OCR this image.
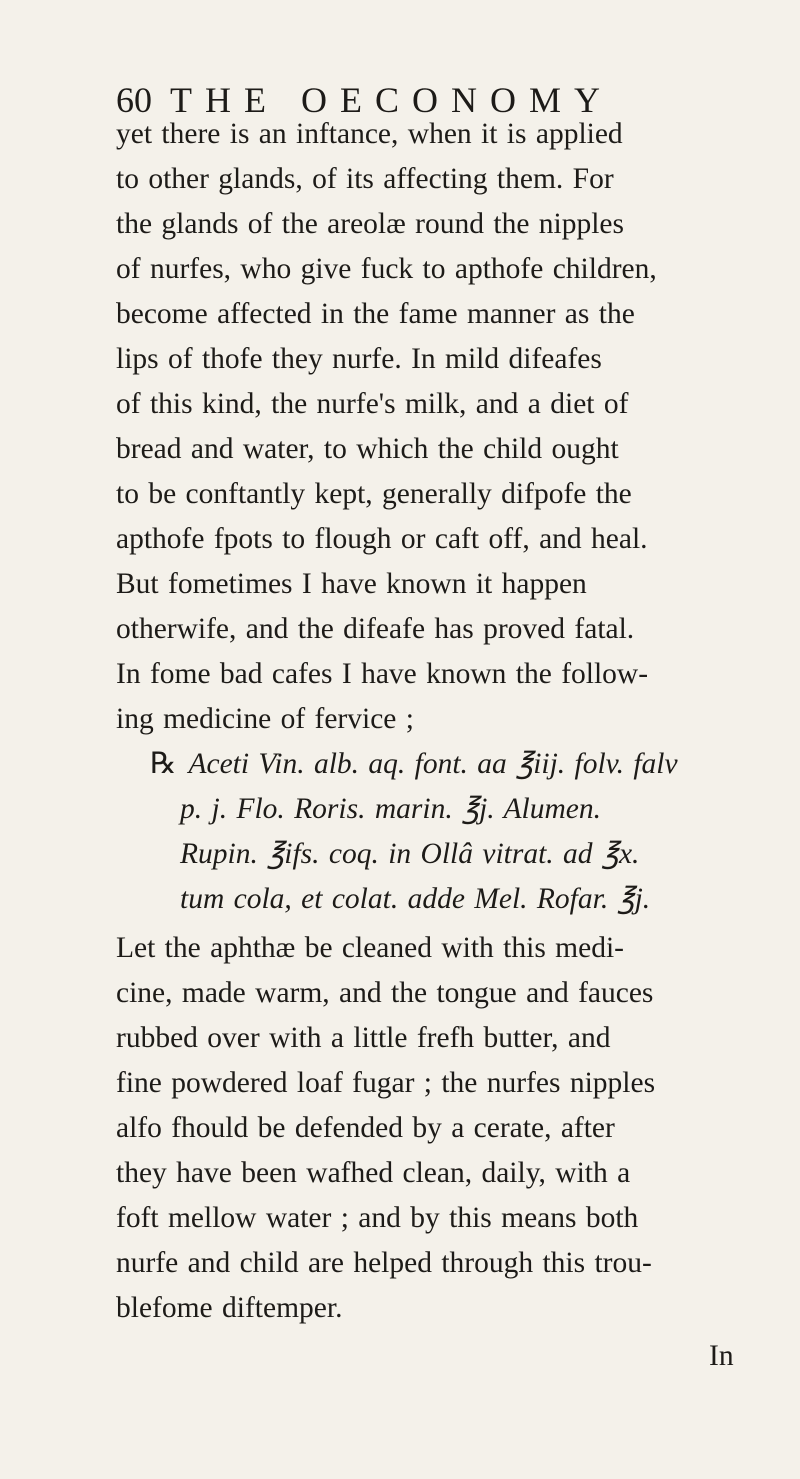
60 THE OECONOMY
yet there is an inftance, when it is applied
to other glands, of its affecting them. For
the glands of the areolæ round the nipples
of nurfes, who give fuck to apthofe children,
become affected in the fame manner as the
lips of thofe they nurfe. In mild difeafes
of this kind, the nurfe's milk, and a diet of
bread and water, to which the child ought
to be conftantly kept, generally difpofe the
apthofe fpots to flough or caft off, and heal.
But fometimes I have known it happen
otherwife, and the difeafe has proved fatal.
In fome bad cafes I have known the follow-
ing medicine of fervice ;
℞ Aceti Vin. alb. aq. font. aa ℥iij. folv. falv
p. j. Flo. Roris. marin. ℥j. Alumen.
Rupin. ℥ifs. coq. in Ollâ vitrat. ad ℥x.
tum cola, et colat. adde Mel. Rofar. ℥j.
Let the aphthæ be cleaned with this medi-
cine, made warm, and the tongue and fauces
rubbed over with a little frefh butter, and
fine powdered loaf fugar ; the nurfes nipples
alfo fhould be defended by a cerate, after
they have been wafhed clean, daily, with a
foft mellow water ; and by this means both
nurfe and child are helped through this trou-
blefome diftemper.
In
